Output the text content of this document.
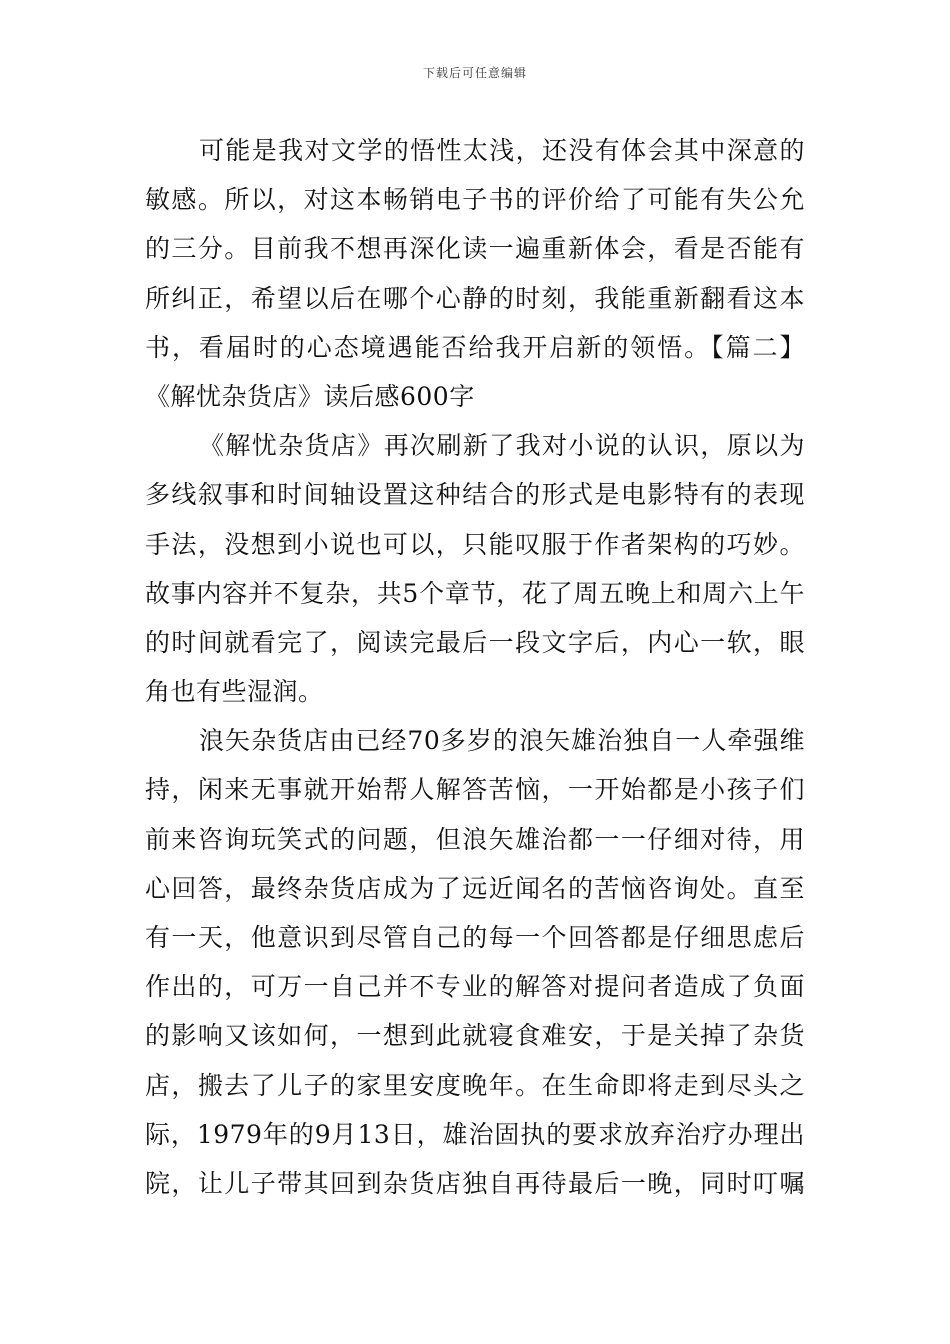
下载后可任意编辑
可能是我对文学的悟性太浅，还没有体会其中深意的
敏感。所以，对这本畅销电子书的评价给了可能有失公允
的三分。目前我不想再深化读一遍重新体会，看是否能有
所纠正，希望以后在哪个心静的时刻，我能重新翻看这本
书，看届时的心态境遇能否给我开启新的领悟。【篇二】
《解忧杂货店》读后感600字
《解忧杂货店》再次刷新了我对小说的认识，原以为
多线叙事和时间轴设置这种结合的形式是电影特有的表现
手法，没想到小说也可以，只能叹服于作者架构的巧妙。
故事内容并不复杂，共5个章节，花了周五晚上和周六上午
的时间就看完了，阅读完最后一段文字后，内心一软，眼
角也有些湿润。
浪矢杂货店由已经70多岁的浪矢雄治独自一人牵强维
持，闲来无事就开始帮人解答苦恼，一开始都是小孩子们
前来咨询玩笑式的问题，但浪矢雄治都一一仔细对待，用
心回答，最终杂货店成为了远近闻名的苦恼咨询处。直至
有一天，他意识到尽管自己的每一个回答都是仔细思虑后
作出的，可万一自己并不专业的解答对提问者造成了负面
的影响又该如何，一想到此就寝食难安，于是关掉了杂货
店，搬去了儿子的家里安度晚年。在生命即将走到尽头之
际，1979年的9月13日，雄治固执的要求放弃治疗办理出
院，让儿子带其回到杂货店独自再待最后一晚，同时叮嘱
